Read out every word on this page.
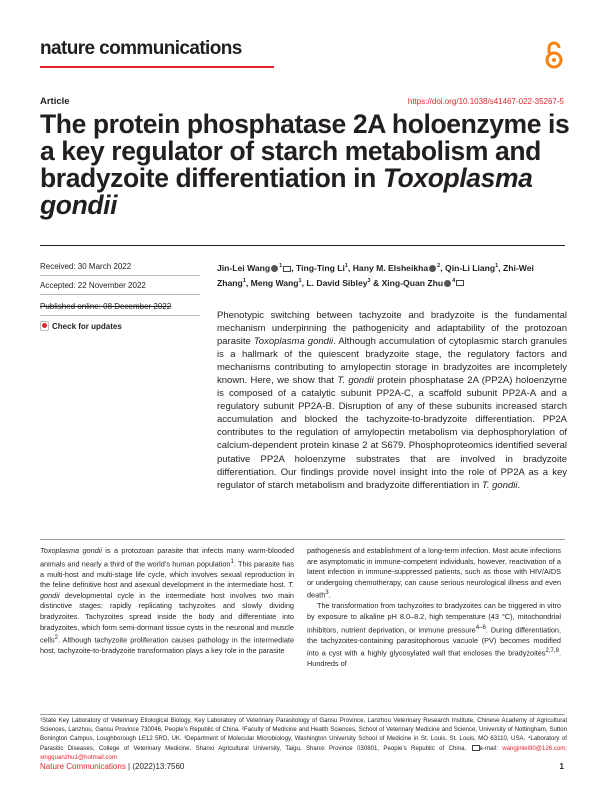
nature communications
Article	https://doi.org/10.1038/s41467-022-35267-5
The protein phosphatase 2A holoenzyme is a key regulator of starch metabolism and bradyzoite differentiation in Toxoplasma gondii
Received: 30 March 2022
Accepted: 22 November 2022
Published online: 08 December 2022
Check for updates
Jin-Lei Wang $^1$ , Ting-Ting Li$^1$, Hany M. Elsheikha $^2$, Qin-Li Liang$^1$, Zhi-Wei Zhang$^1$, Meng Wang$^1$, L. David Sibley$^3$ & Xing-Quan Zhu $^4$
Phenotypic switching between tachyzoite and bradyzoite is the fundamental mechanism underpinning the pathogenicity and adaptability of the protozoan parasite Toxoplasma gondii. Although accumulation of cytoplasmic starch granules is a hallmark of the quiescent bradyzoite stage, the regulatory factors and mechanisms contributing to amylopectin storage in bradyzoites are incompletely known. Here, we show that T. gondii protein phosphatase 2A (PP2A) holoenzyme is composed of a catalytic subunit PP2A-C, a scaffold subunit PP2A-A and a regulatory subunit PP2A-B. Disruption of any of these subunits increased starch accumulation and blocked the tachyzoite-to-bradyzoite differentiation. PP2A contributes to the regulation of amylopectin metabolism via dephosphorylation of calcium-dependent protein kinase 2 at S679. Phosphoproteomics identified several putative PP2A holoenzyme substrates that are involved in bradyzoite differentiation. Our findings provide novel insight into the role of PP2A as a key regulator of starch metabolism and bradyzoite differentiation in T. gondii.

Toxoplasma gondii is a protozoan parasite that infects many warm-blooded animals and nearly a third of the world’s human population$^1$. This parasite has a multi-host and multi-stage life cycle, which involves sexual reproduction in the feline definitive host and asexual development in the intermediate host. T. gondii developmental cycle in the intermediate host involves two main distinctive stages: rapidly replicating tachyzoites and slowly dividing bradyzoites. Tachyzoites spread inside the body and differentiate into bradyzoites, which form semi-dormant tissue cysts in the neuronal and muscle cells$^2$. Although tachyzoite proliferation causes pathology in the intermediate host, tachyzoite-to-bradyzoite transformation plays a key role in the parasite

pathogenesis and establishment of a long-term infection. Most acute infections are asymptomatic in immune-competent individuals, however, reactivation of a latent infection in immune-suppressed patients, such as those with HIV/AIDS or undergoing chemotherapy, can cause serious neurological illness and even death$^3$.

The transformation from tachyzoites to bradyzoites can be triggered in vitro by exposure to alkaline pH 8.0–8.2, high temperature (43 °C), mitochondrial inhibitors, nutrient deprivation, or immune pressure$^{4-6}$. During differentiation, the tachyzoites-containing parasitophorous vacuole (PV) becomes modified into a cyst with a highly glycosylated wall that encloses the bradyzoites$^{2,7,8}$. Hundreds of

¹State Key Laboratory of Veterinary Etiological Biology, Key Laboratory of Veterinary Parasitology of Gansu Province, Lanzhou Veterinary Research Institute, Chinese Academy of Agricultural Sciences, Lanzhou, Gansu Province 730046, People’s Republic of China. ²Faculty of Medicine and Health Sciences, School of Veterinary Medicine and Science, University of Nottingham, Sutton Bonington Campus, Loughborough LE12 5RD, UK. ³Department of Molecular Microbiology, Washington University School of Medicine in St. Louis, St. Louis, MO 63110, USA. ⁴Laboratory of Parasitic Diseases, College of Veterinary Medicine, Shanxi Agricultural University, Taigu, Shanxi Province 030801, People’s Republic of China. e-mail: wangjinlei90@126.com; xingquanzhu1@hotmail.com
Nature Communications | (2022)13:7560	1
